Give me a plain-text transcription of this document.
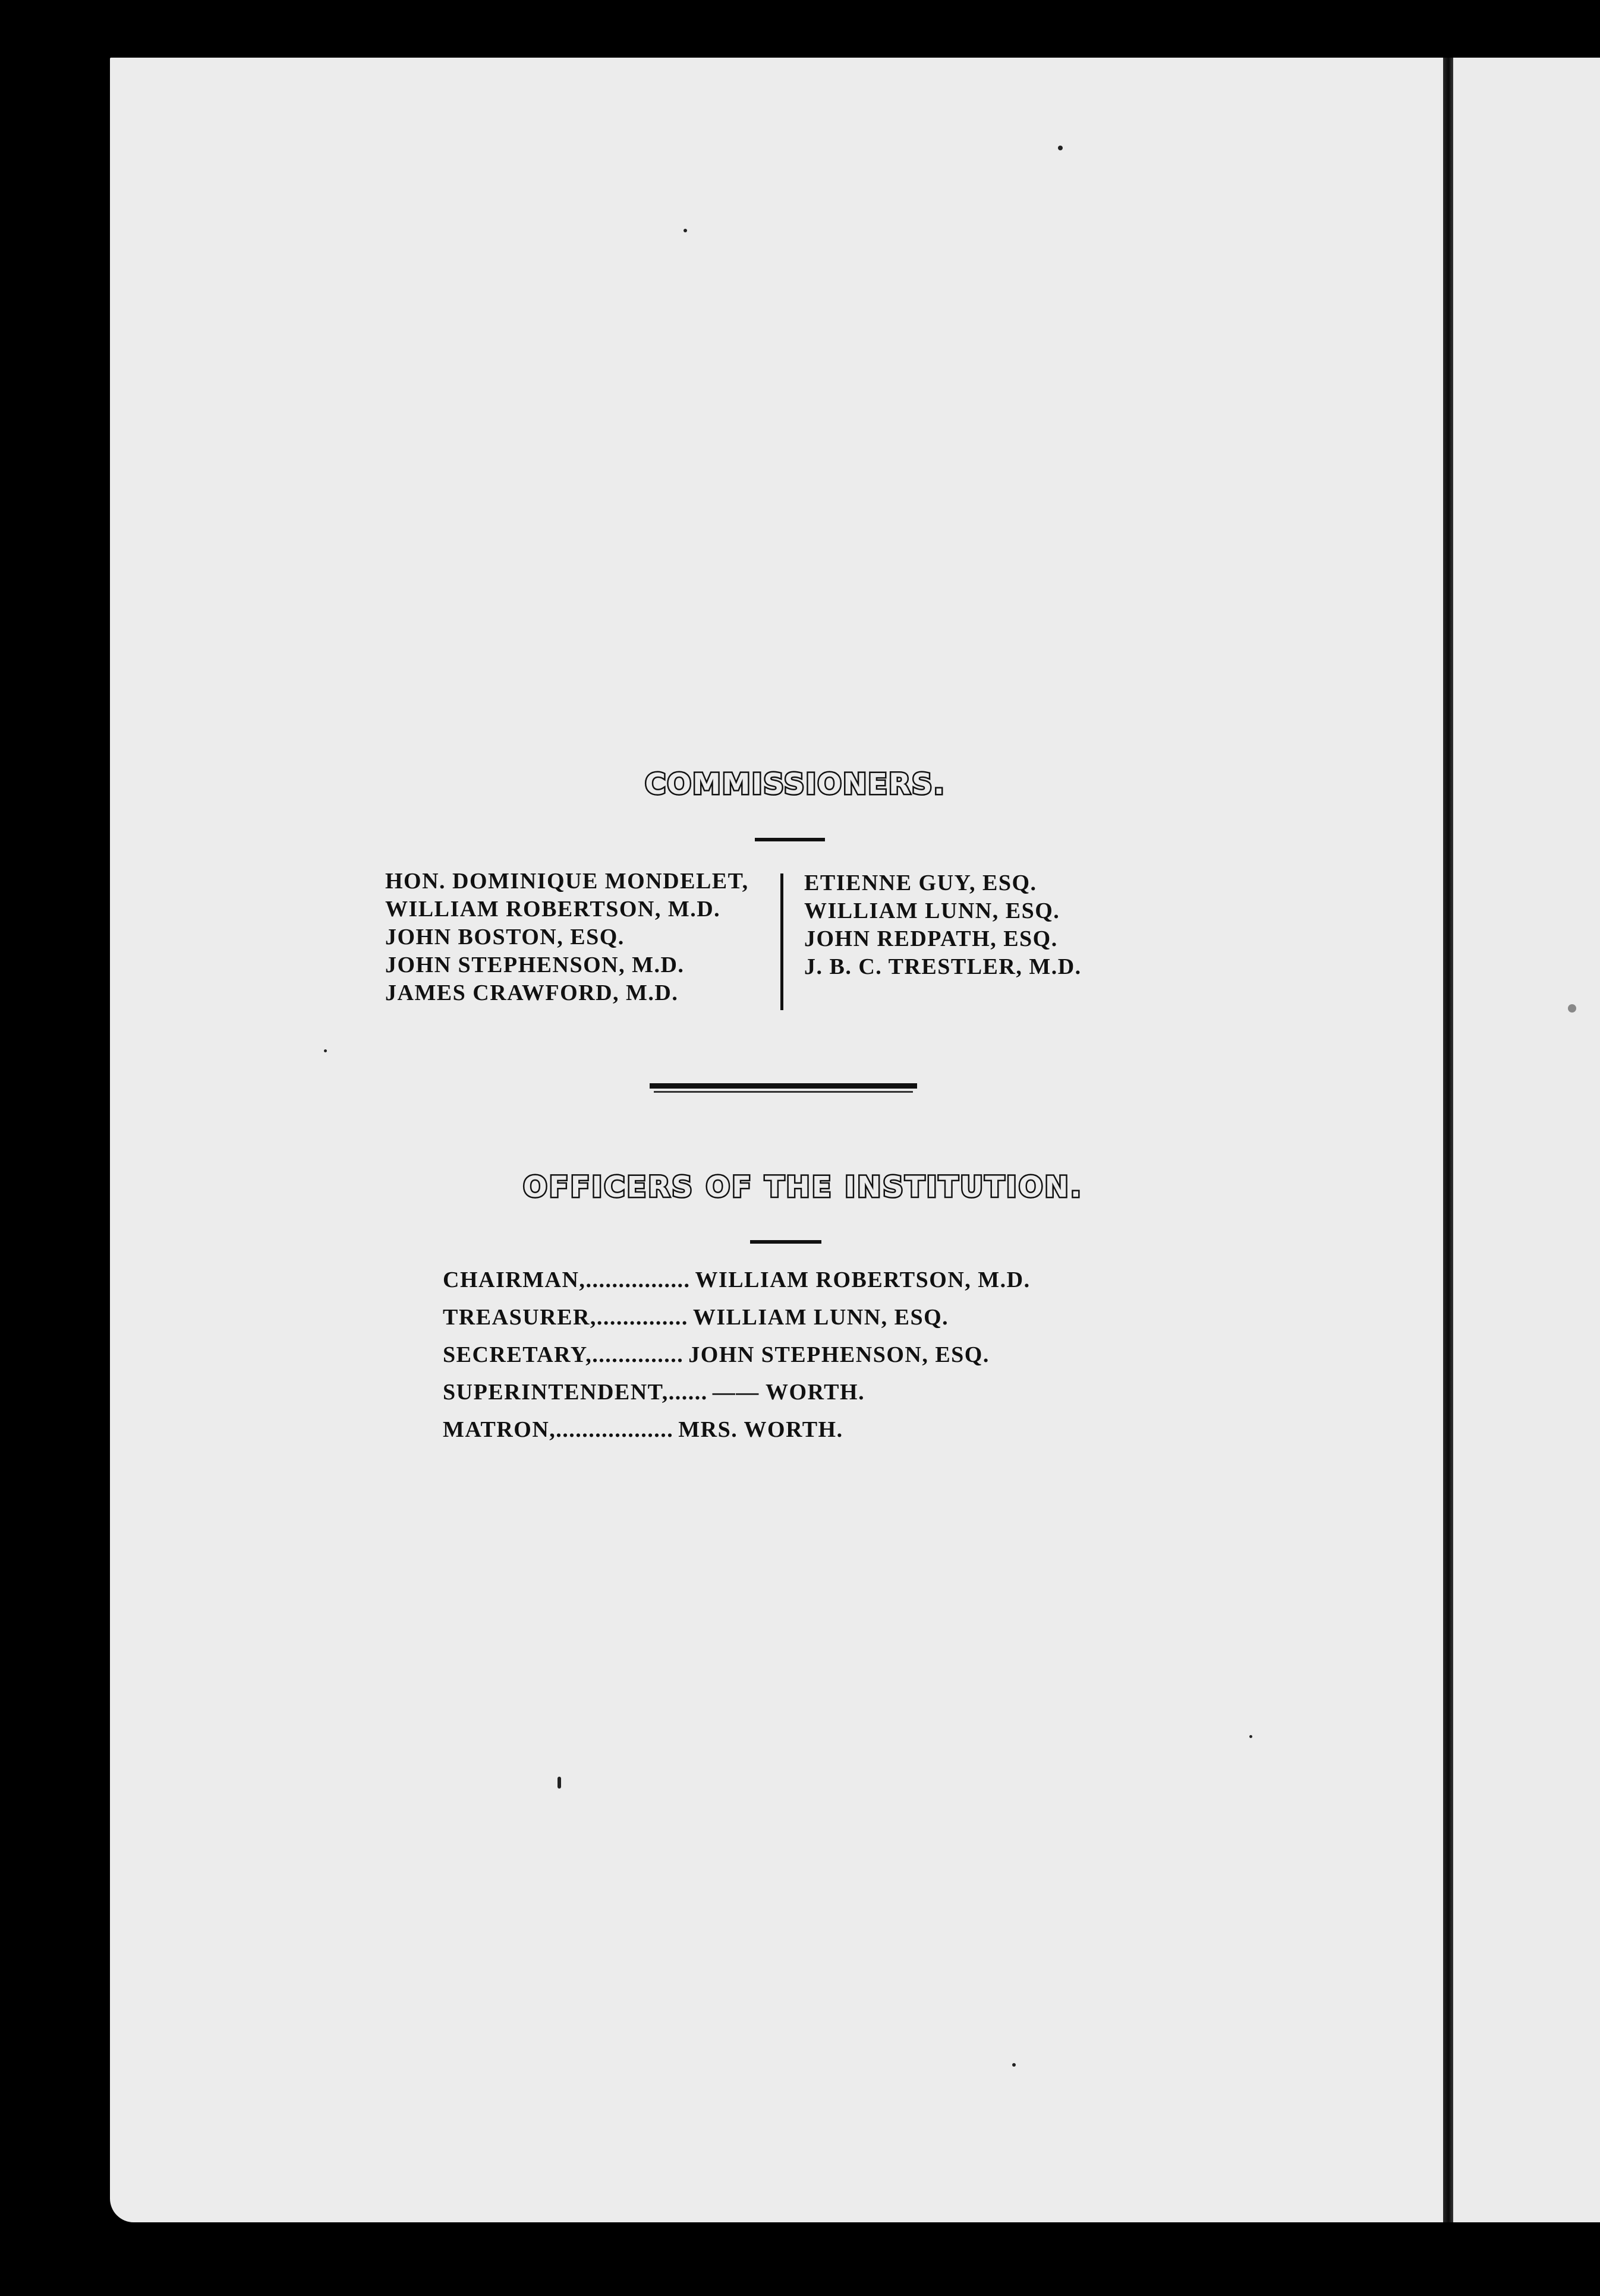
COMMISSIONERS.
HON. DOMINIQUE MONDELET,
WILLIAM ROBERTSON, M.D.
JOHN BOSTON, ESQ.
JOHN STEPHENSON, M.D.
JAMES CRAWFORD, M.D.
ETIENNE GUY, ESQ.
WILLIAM LUNN, ESQ.
JOHN REDPATH, ESQ.
J. B. C. TRESTLER, M.D.
OFFICERS OF THE INSTITUTION.
CHAIRMAN, ................ WILLIAM ROBERTSON, M.D.
TREASURER, .............. WILLIAM LUNN, ESQ.
SECRETARY, .............. JOHN STEPHENSON, ESQ.
SUPERINTENDENT, ...... —— WORTH.
MATRON, .................. MRS. WORTH.
